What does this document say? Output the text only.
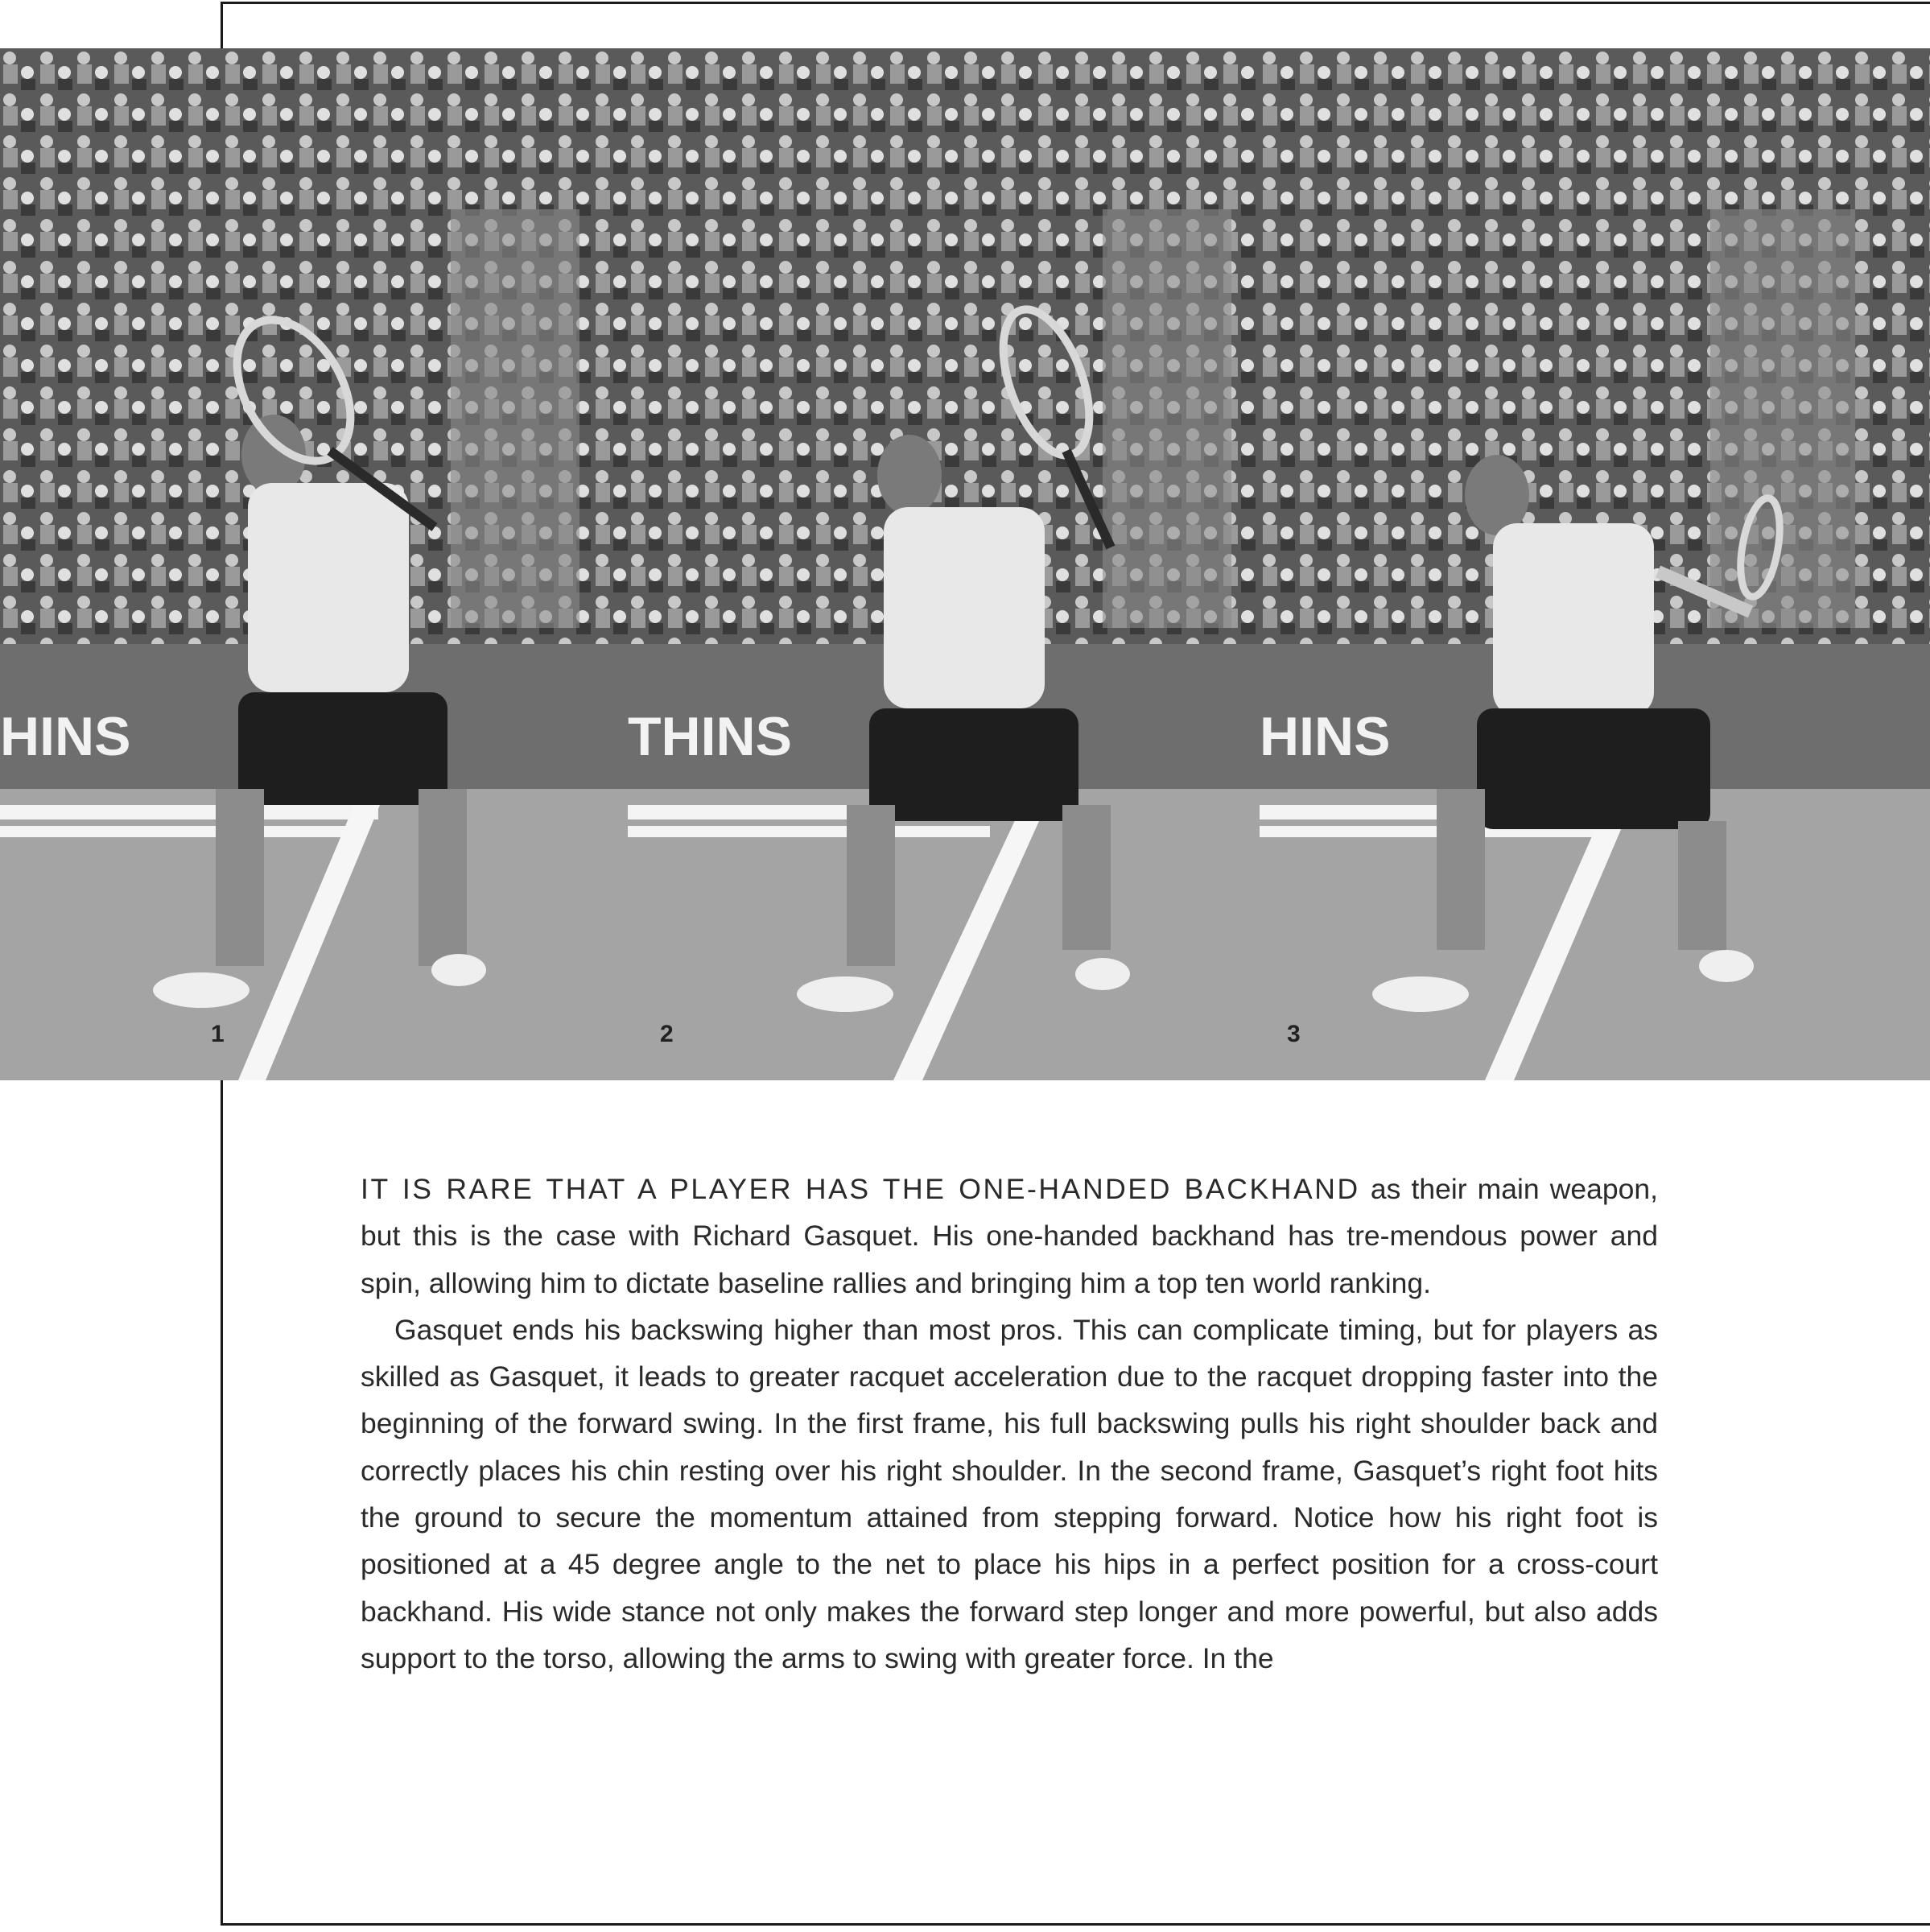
HINS
1
THINS
2
HINS
3

IT IS RARE THAT A PLAYER HAS THE ONE-HANDED BACKHAND as their main weapon, but this is the case with Richard Gasquet. His one-handed backhand has tre-mendous power and spin, allowing him to dictate baseline rallies and bringing him a top ten world ranking.

Gasquet ends his backswing higher than most pros. This can complicate timing, but for players as skilled as Gasquet, it leads to greater racquet acceleration due to the racquet dropping faster into the beginning of the forward swing. In the first frame, his full backswing pulls his right shoulder back and correctly places his chin resting over his right shoulder. In the second frame, Gasquet’s right foot hits the ground to secure the momentum attained from stepping forward. Notice how his right foot is positioned at a 45 degree angle to the net to place his hips in a perfect position for a cross-court backhand. His wide stance not only makes the forward step longer and more powerful, but also adds support to the torso, allowing the arms to swing with greater force. In the
